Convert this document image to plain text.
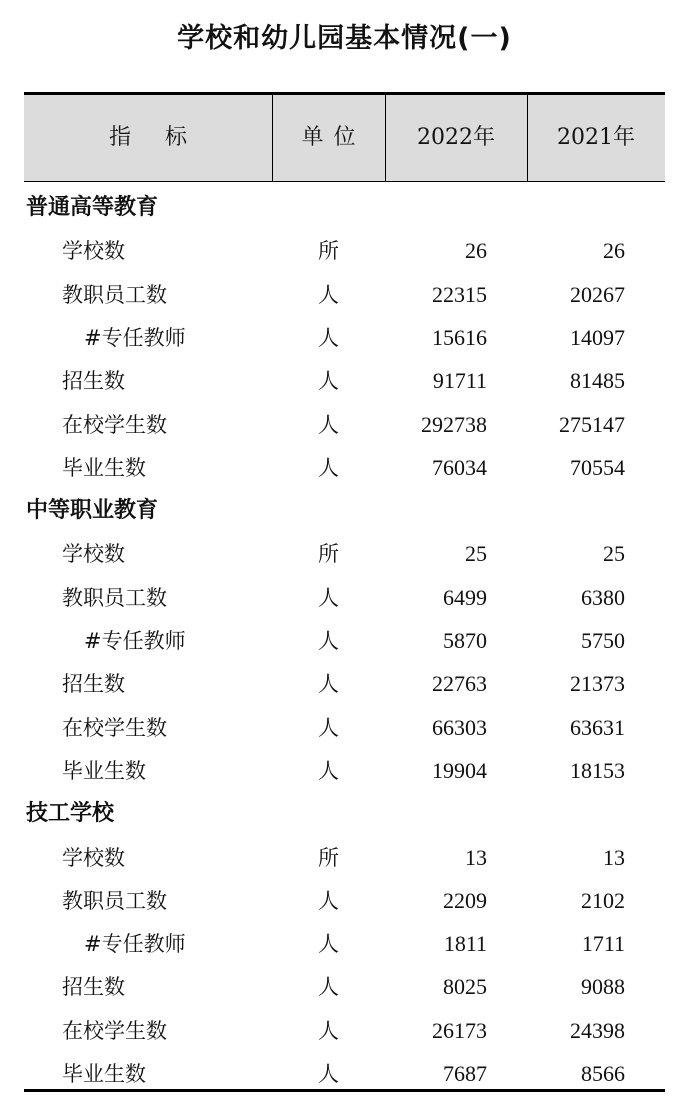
学校和幼儿园基本情况(一)
指标	单位	2022年	2021年
普通高等教育
学校数	所	26	26
教职员工数	人	22315	20267
#专任教师	人	15616	14097
招生数	人	91711	81485
在校学生数	人	292738	275147
毕业生数	人	76034	70554
中等职业教育
学校数	所	25	25
教职员工数	人	6499	6380
#专任教师	人	5870	5750
招生数	人	22763	21373
在校学生数	人	66303	63631
毕业生数	人	19904	18153
技工学校
学校数	所	13	13
教职员工数	人	2209	2102
#专任教师	人	1811	1711
招生数	人	8025	9088
在校学生数	人	26173	24398
毕业生数	人	7687	8566
